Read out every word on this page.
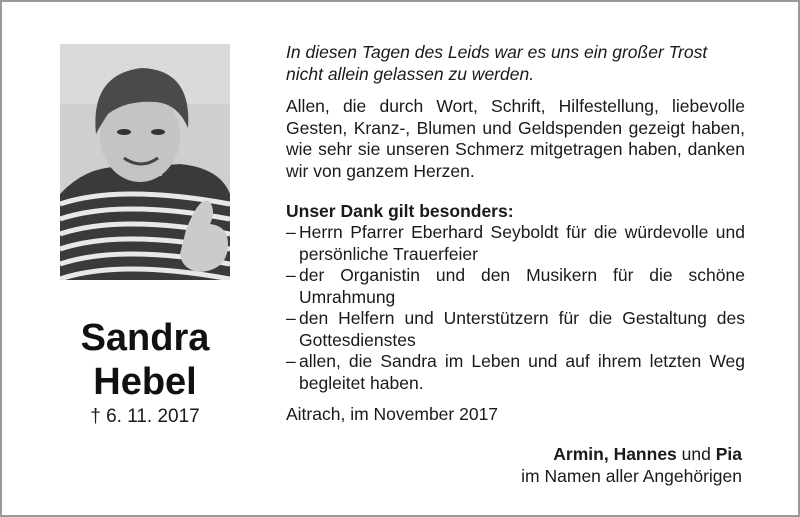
Sandra
Hebel
† 6. 11. 2017
In diesen Tagen des Leids war es uns ein großer Trost nicht allein gelassen zu werden.
Allen, die durch Wort, Schrift, Hilfestellung, liebevolle Gesten, Kranz-, Blumen und Geldspenden gezeigt haben, wie sehr sie unseren Schmerz mitgetragen haben, danken wir von ganzem Herzen.
Unser Dank gilt besonders:
– Herrn Pfarrer Eberhard Seyboldt für die würdevolle und persönliche Trauerfeier
– der Organistin und den Musikern für die schöne Umrahmung
– den Helfern und Unterstützern für die Gestaltung des Gottesdienstes
– allen, die Sandra im Leben und auf ihrem letzten Weg begleitet haben.
Aitrach, im November 2017
Armin, Hannes und Pia
im Namen aller Angehörigen
